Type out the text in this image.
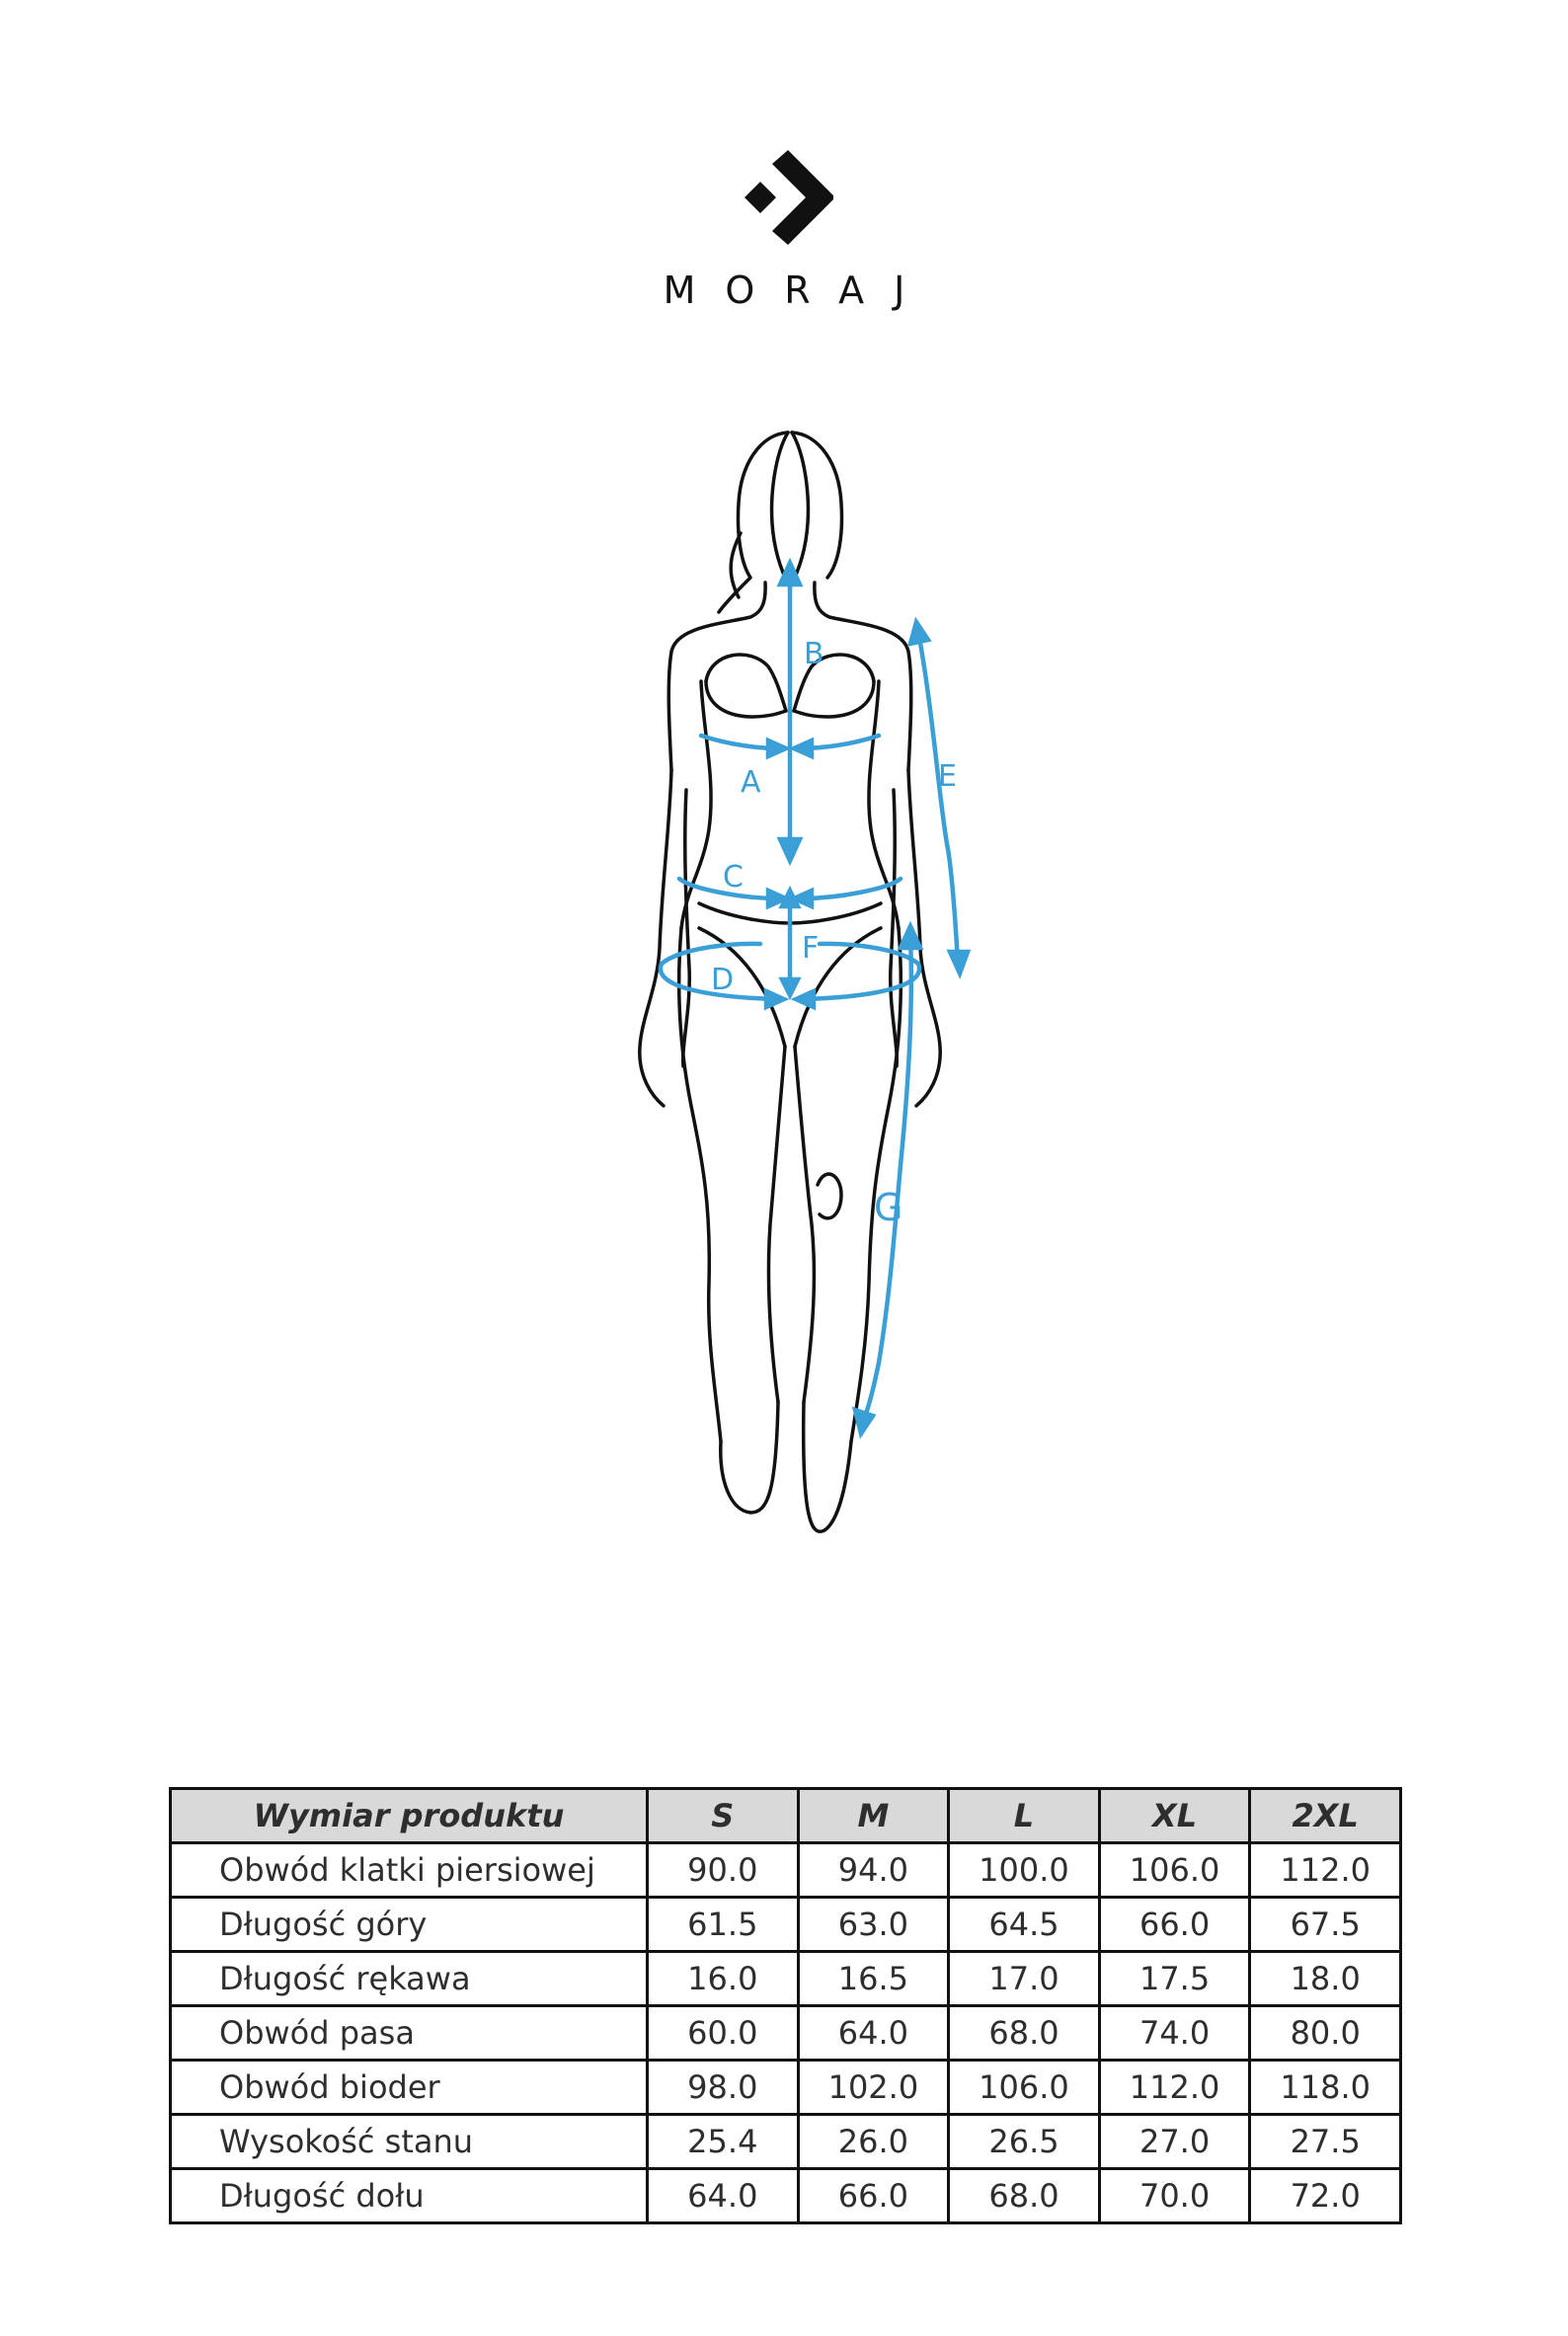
MORAJ
B
A
C
F
D
E
G
Wymiar produktu	S	M	L	XL	2XL
Obwód klatki piersiowej	90.0	94.0	100.0	106.0	112.0
Długość góry	61.5	63.0	64.5	66.0	67.5
Długość rękawa	16.0	16.5	17.0	17.5	18.0
Obwód pasa	60.0	64.0	68.0	74.0	80.0
Obwód bioder	98.0	102.0	106.0	112.0	118.0
Wysokość stanu	25.4	26.0	26.5	27.0	27.5
Długość dołu	64.0	66.0	68.0	70.0	72.0
